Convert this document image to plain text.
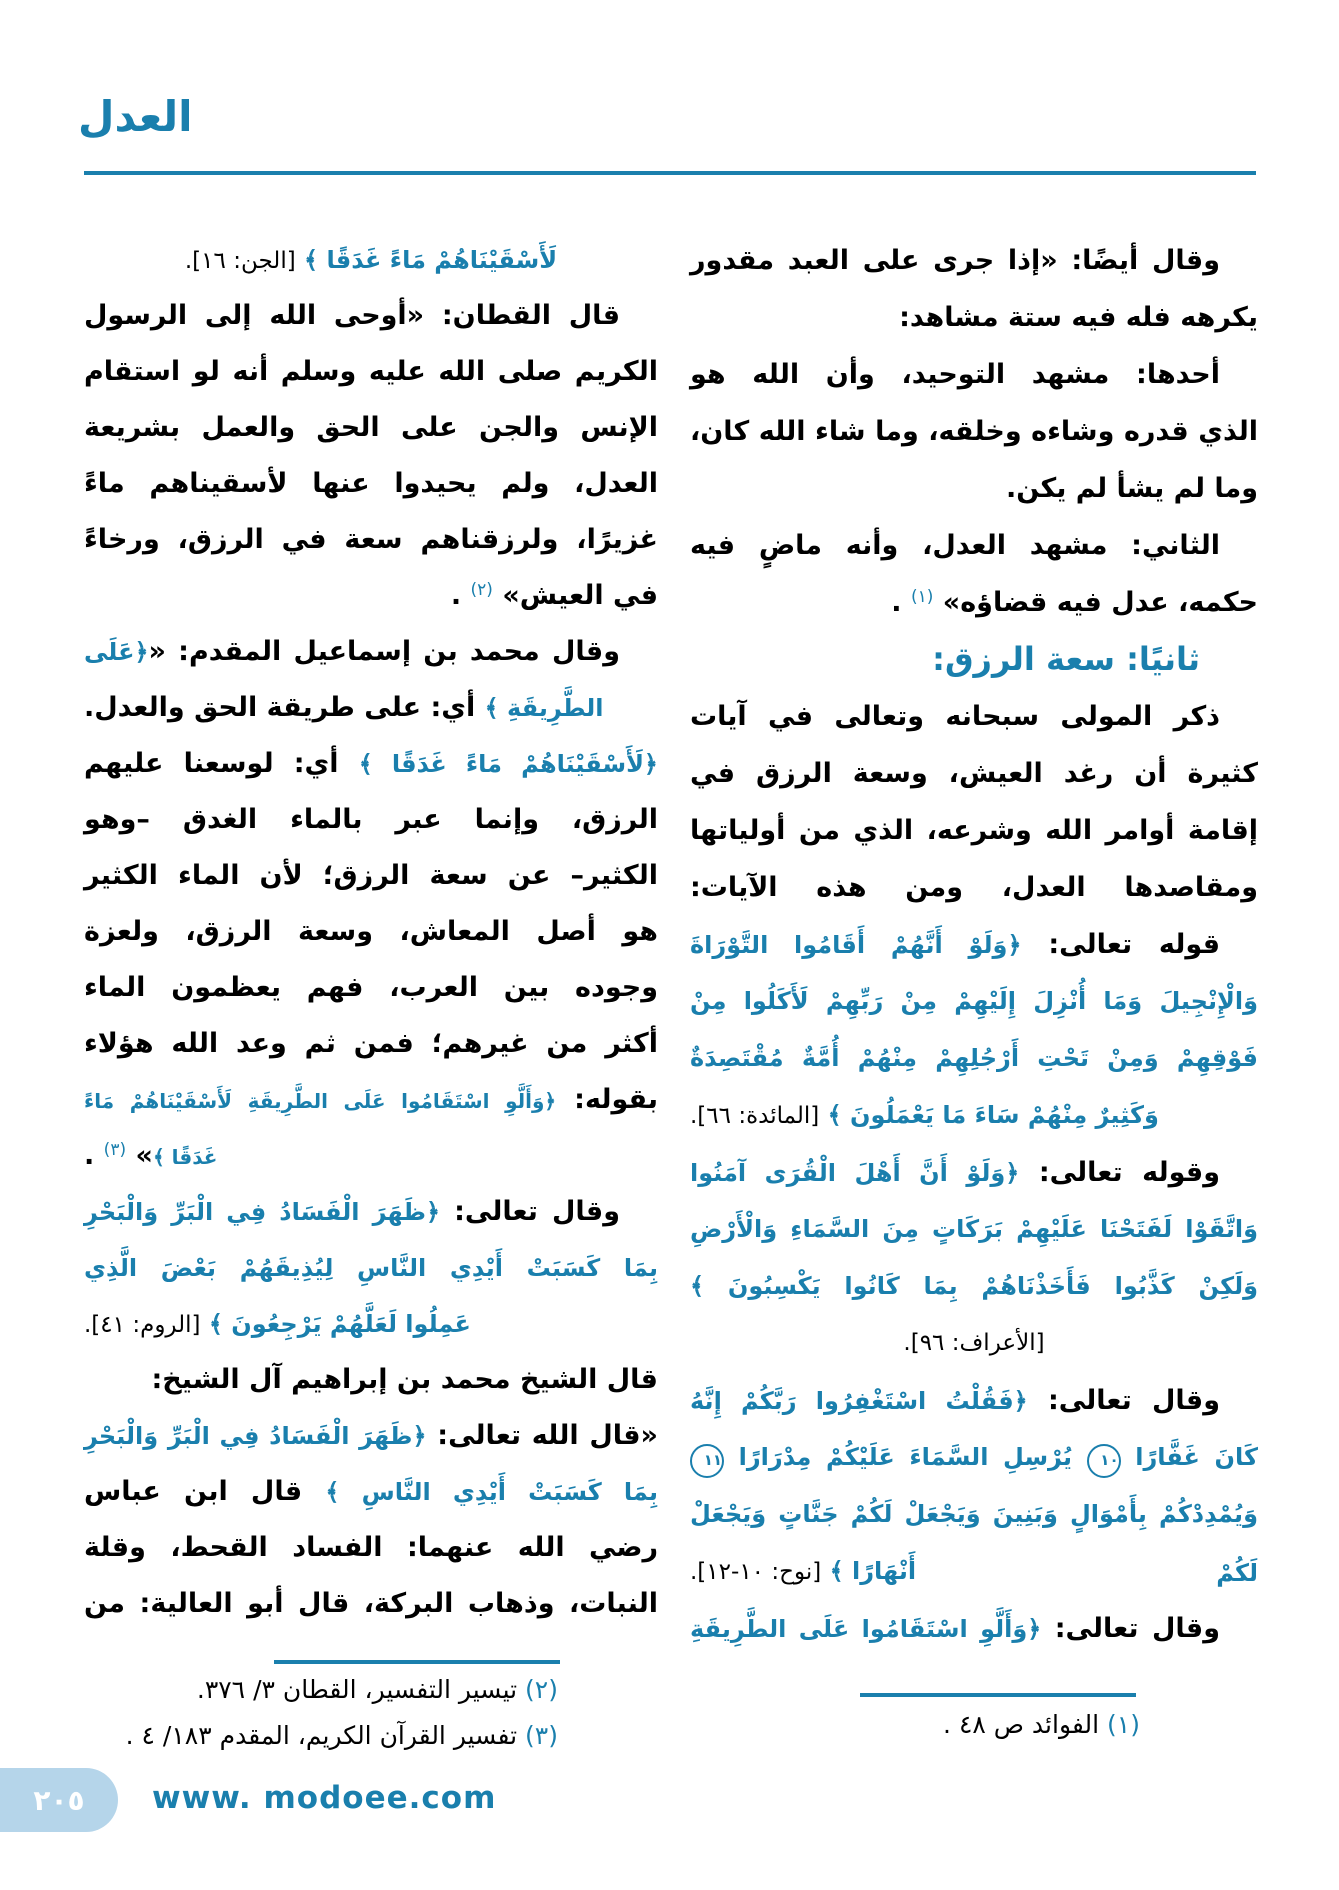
العدل
وقال أيضًا: «إذا جرى على العبد مقدور
يكرهه فله فيه ستة مشاهد:
أحدها: مشهد التوحيد، وأن الله هو
الذي قدره وشاءه وخلقه، وما شاء الله كان،
وما لم يشأ لم يكن.
الثاني: مشهد العدل، وأنه ماضٍ فيه
حكمه، عدل فيه قضاؤه» (١) .
ثانيًا: سعة الرزق:
ذكر المولى سبحانه وتعالى في آيات
كثيرة أن رغد العيش، وسعة الرزق في
إقامة أوامر الله وشرعه، الذي من أولياتها
ومقاصدها العدل، ومن هذه الآيات:
قوله تعالى: ﴿وَلَوْ أَنَّهُمْ أَقَامُوا التَّوْرَاةَ
وَالْإِنْجِيلَ وَمَا أُنْزِلَ إِلَيْهِمْ مِنْ رَبِّهِمْ لَأَكَلُوا مِنْ
فَوْقِهِمْ وَمِنْ تَحْتِ أَرْجُلِهِمْ مِنْهُمْ أُمَّةٌ مُقْتَصِدَةٌ
وَكَثِيرٌ مِنْهُمْ سَاءَ مَا يَعْمَلُونَ ﴾ [المائدة: ٦٦].
وقوله تعالى: ﴿وَلَوْ أَنَّ أَهْلَ الْقُرَى آمَنُوا
وَاتَّقَوْا لَفَتَحْنَا عَلَيْهِمْ بَرَكَاتٍ مِنَ السَّمَاءِ وَالْأَرْضِ
وَلَكِنْ كَذَّبُوا فَأَخَذْنَاهُمْ بِمَا كَانُوا يَكْسِبُونَ ﴾
[الأعراف: ٩٦].
وقال تعالى: ﴿فَقُلْتُ اسْتَغْفِرُوا رَبَّكُمْ إِنَّهُ
كَانَ غَفَّارًا ١٠ يُرْسِلِ السَّمَاءَ عَلَيْكُمْ مِدْرَارًا ١١
وَيُمْدِدْكُمْ بِأَمْوَالٍ وَبَنِينَ وَيَجْعَلْ لَكُمْ جَنَّاتٍ وَيَجْعَلْ لَكُمْ
أَنْهَارًا ﴾ [نوح: ١٠-١٢].
وقال تعالى: ﴿وَأَلَّوِ اسْتَقَامُوا عَلَى الطَّرِيقَةِ
لَأَسْقَيْنَاهُمْ مَاءً غَدَقًا ﴾ [الجن: ١٦].
قال القطان: «أوحى الله إلى الرسول
الكريم صلى الله عليه وسلم أنه لو استقام
الإنس والجن على الحق والعمل بشريعة
العدل، ولم يحيدوا عنها لأسقيناهم ماءً
غزيرًا، ولرزقناهم سعة في الرزق، ورخاءً
في العيش» (٢) .
وقال محمد بن إسماعيل المقدم: «﴿عَلَى
الطَّرِيقَةِ ﴾ أي: على طريقة الحق والعدل.
﴿لَأَسْقَيْنَاهُمْ مَاءً غَدَقًا ﴾ أي: لوسعنا عليهم
الرزق، وإنما عبر بالماء الغدق –وهو
الكثير– عن سعة الرزق؛ لأن الماء الكثير
هو أصل المعاش، وسعة الرزق، ولعزة
وجوده بين العرب، فهم يعظمون الماء
أكثر من غيرهم؛ فمن ثم وعد الله هؤلاء
بقوله: ﴿وَأَلَّوِ اسْتَقَامُوا عَلَى الطَّرِيقَةِ لَأَسْقَيْنَاهُمْ مَاءً
غَدَقًا ﴾» (٣) .
وقال تعالى: ﴿ظَهَرَ الْفَسَادُ فِي الْبَرِّ وَالْبَحْرِ
بِمَا كَسَبَتْ أَيْدِي النَّاسِ لِيُذِيقَهُمْ بَعْضَ الَّذِي
عَمِلُوا لَعَلَّهُمْ يَرْجِعُونَ ﴾ [الروم: ٤١].
قال الشيخ محمد بن إبراهيم آل الشيخ:
«قال الله تعالى: ﴿ظَهَرَ الْفَسَادُ فِي الْبَرِّ وَالْبَحْرِ
بِمَا كَسَبَتْ أَيْدِي النَّاسِ ﴾ قال ابن عباس
رضي الله عنهما: الفساد القحط، وقلة
النبات، وذهاب البركة، قال أبو العالية: من
(١) الفوائد ص ٤٨ .
(٢) تيسير التفسير، القطان ٣/ ٣٧٦.
(٣) تفسير القرآن الكريم، المقدم ١٨٣/ ٤ .
٢٠٥ www. modoee.com
